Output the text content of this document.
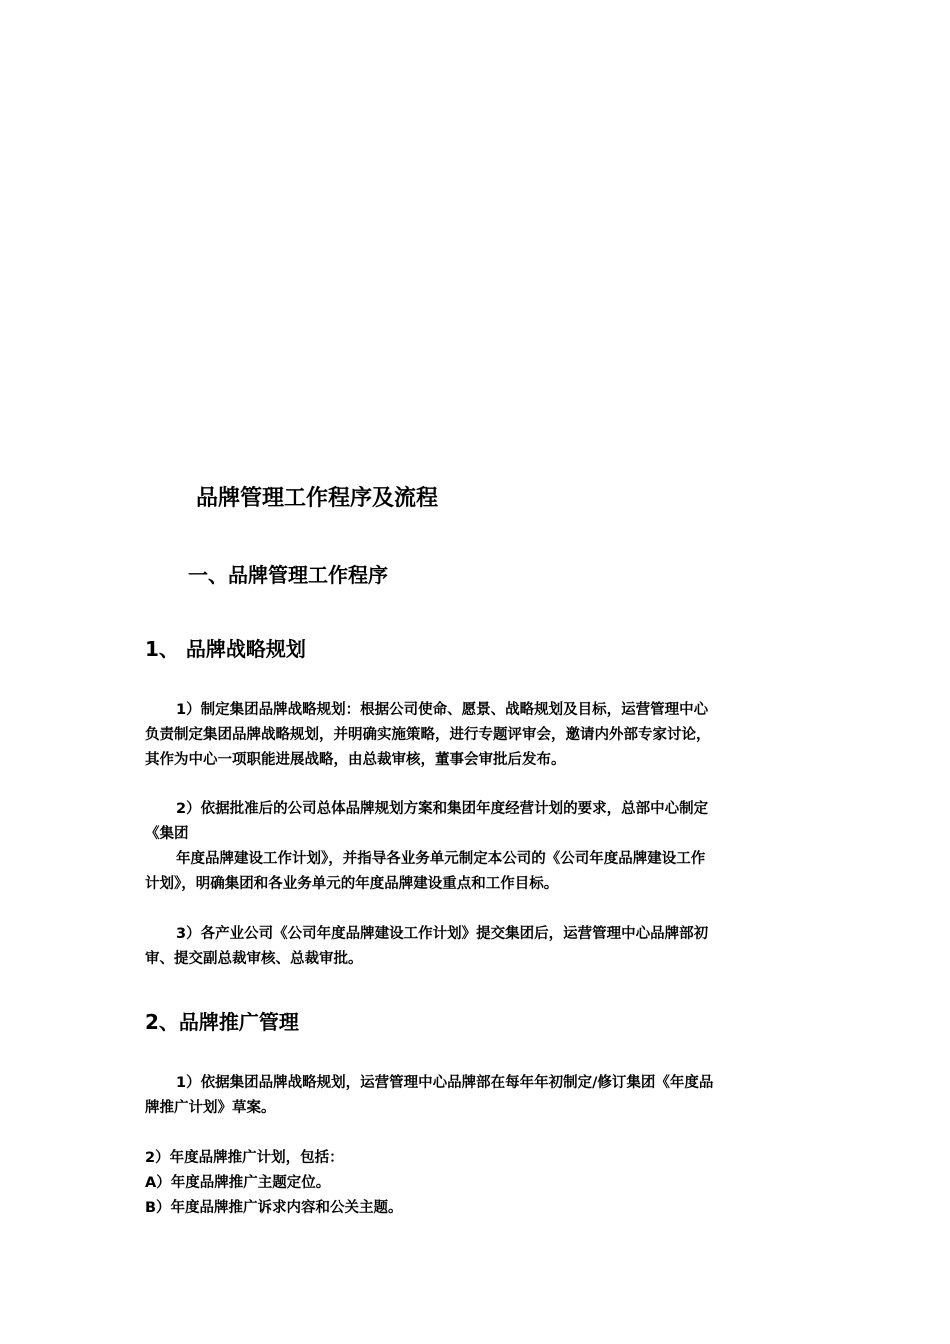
品牌管理工作程序及流程
一、品牌管理工作程序
1、 品牌战略规划
1）制定集团品牌战略规划：根据公司使命、愿景、战略规划及目标，运营管理中心
负责制定集团品牌战略规划，并明确实施策略，进行专题评审会，邀请内外部专家讨论，
其作为中心一项职能进展战略，由总裁审核，董事会审批后发布。
2）依据批准后的公司总体品牌规划方案和集团年度经营计划的要求，总部中心制定
《集团
年度品牌建设工作计划》，并指导各业务单元制定本公司的《公司年度品牌建设工作
计划》，明确集团和各业务单元的年度品牌建设重点和工作目标。
3）各产业公司《公司年度品牌建设工作计划》提交集团后，运营管理中心品牌部初
审、提交副总裁审核、总裁审批。
2、品牌推广管理
1）依据集团品牌战略规划，运营管理中心品牌部在每年年初制定/修订集团《年度品
牌推广计划》草案。
2）年度品牌推广计划，包括：
A）年度品牌推广主题定位。
B）年度品牌推广诉求内容和公关主题。
